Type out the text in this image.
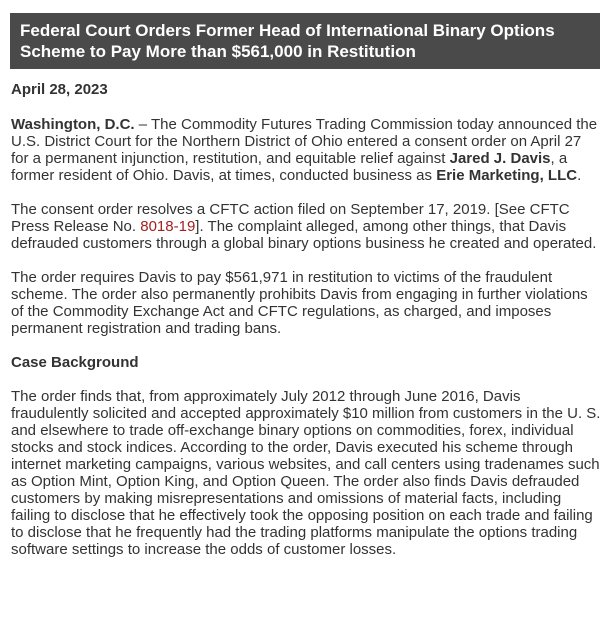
Federal Court Orders Former Head of International Binary Options Scheme to Pay More than $561,000 in Restitution
April 28, 2023

Washington, D.C. – The Commodity Futures Trading Commission today announced the U.S. District Court for the Northern District of Ohio entered a consent order on April 27 for a permanent injunction, restitution, and equitable relief against Jared J. Davis, a former resident of Ohio. Davis, at times, conducted business as Erie Marketing, LLC.

The consent order resolves a CFTC action filed on September 17, 2019. [See CFTC Press Release No. 8018-19]. The complaint alleged, among other things, that Davis defrauded customers through a global binary options business he created and operated.

The order requires Davis to pay $561,971 in restitution to victims of the fraudulent scheme. The order also permanently prohibits Davis from engaging in further violations of the Commodity Exchange Act and CFTC regulations, as charged, and imposes permanent registration and trading bans.

Case Background

The order finds that, from approximately July 2012 through June 2016, Davis fraudulently solicited and accepted approximately $10 million from customers in the U. S. and elsewhere to trade off-exchange binary options on commodities, forex, individual stocks and stock indices. According to the order, Davis executed his scheme through internet marketing campaigns, various websites, and call centers using tradenames such as Option Mint, Option King, and Option Queen. The order also finds Davis defrauded customers by making misrepresentations and omissions of material facts, including failing to disclose that he effectively took the opposing position on each trade and failing to disclose that he frequently had the trading platforms manipulate the options trading software settings to increase the odds of customer losses.
